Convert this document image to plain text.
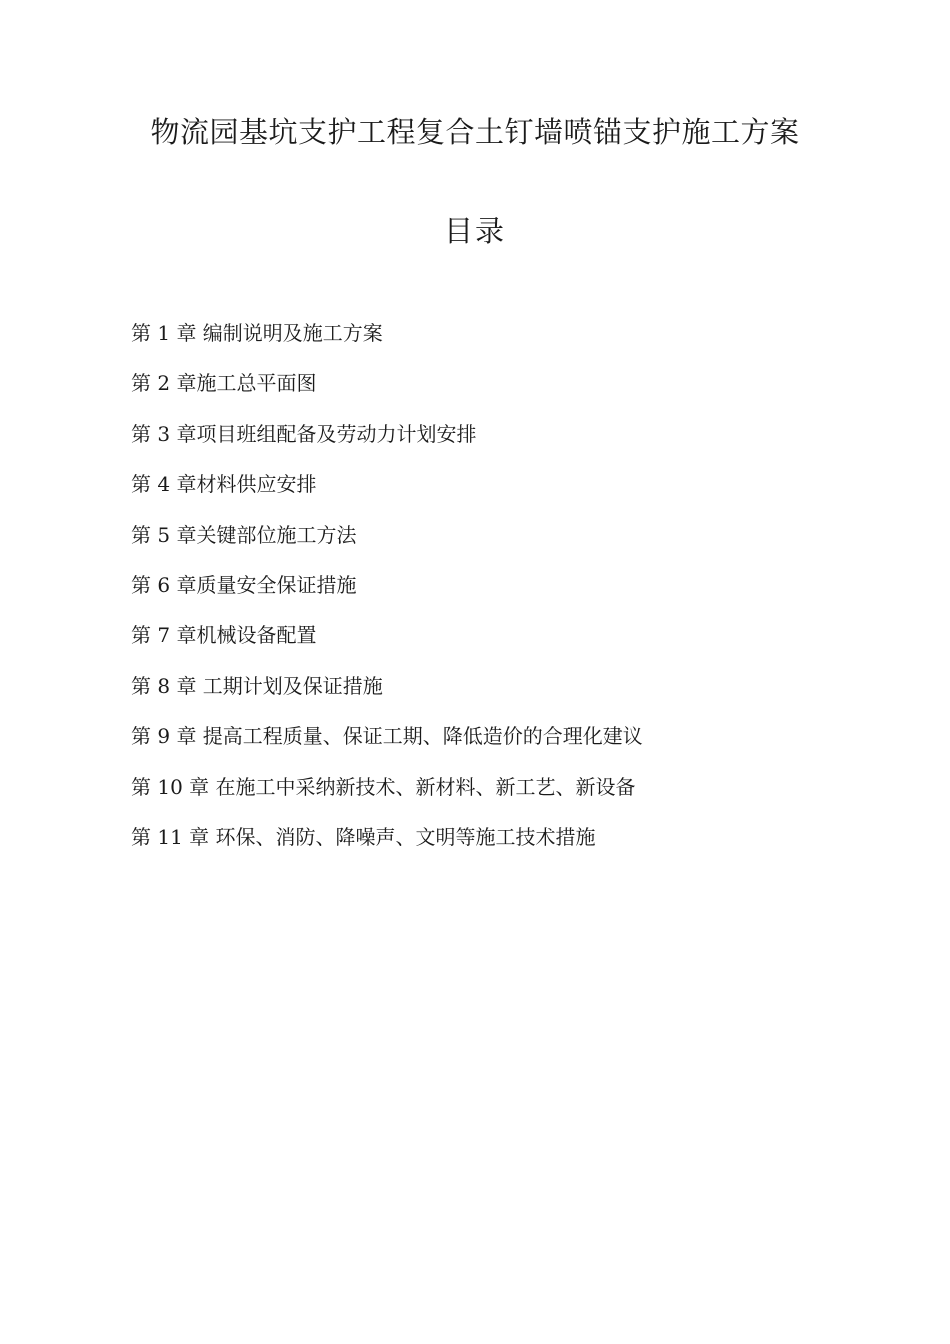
物流园基坑支护工程复合土钉墙喷锚支护施工方案
目录
第 1 章 编制说明及施工方案
第 2 章施工总平面图
第 3 章项目班组配备及劳动力计划安排
第 4 章材料供应安排
第 5 章关键部位施工方法
第 6 章质量安全保证措施
第 7 章机械设备配置
第 8 章 工期计划及保证措施
第 9 章 提高工程质量、保证工期、降低造价的合理化建议
第 10 章 在施工中采纳新技术、新材料、新工艺、新设备
第 11 章 环保、消防、降噪声、文明等施工技术措施
